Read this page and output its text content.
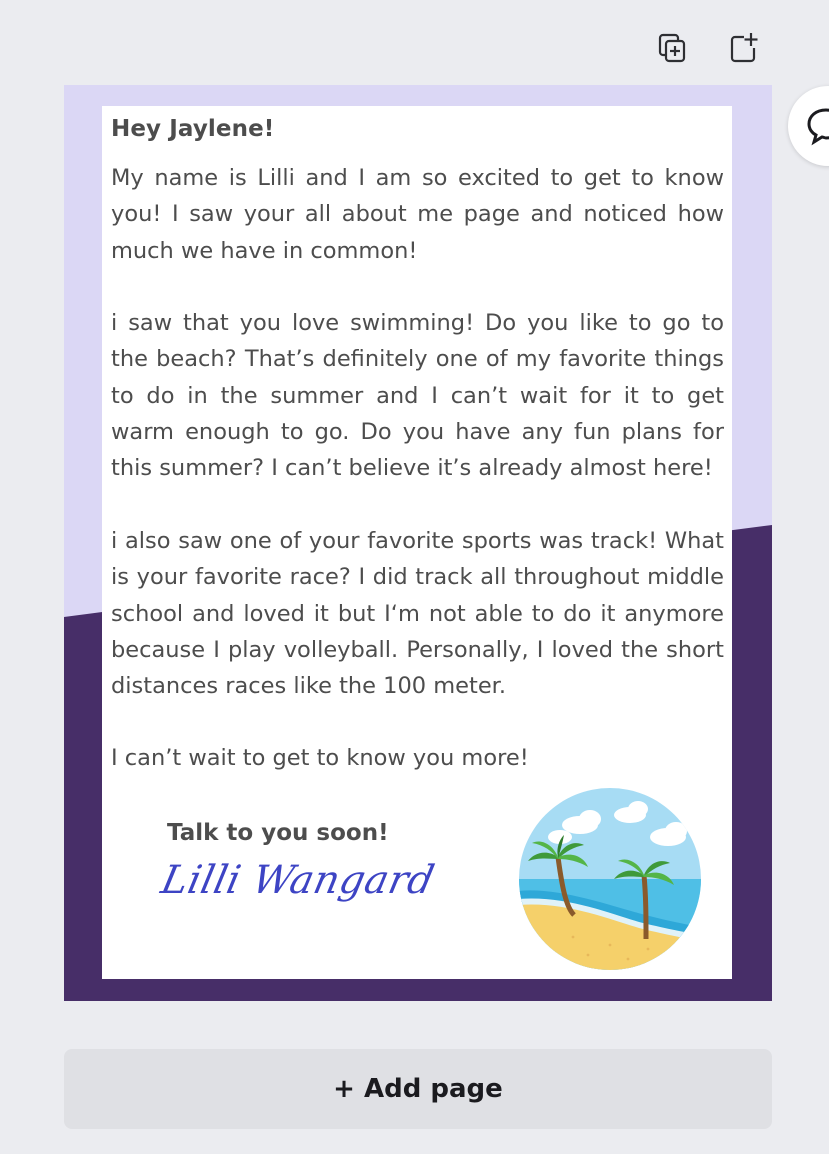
Hey Jaylene!

My name is Lilli and I am so excited to get to know you! I saw your all about me page and noticed how much we have in common!

i saw that you love swimming! Do you like to go to the beach? That’s definitely one of my favorite things to do in the summer and I can’t wait for it to get warm enough to go. Do you have any fun plans for this summer? I can’t believe it’s already almost here!

i also saw one of your favorite sports was track! What is your favorite race? I did track all throughout middle school and loved it but I‘m not able to do it anymore because I play volleyball. Personally, I loved the short distances races like the 100 meter.

I can’t wait to get to know you more!
Talk to you soon!
Lilli Wangard
+ Add page
